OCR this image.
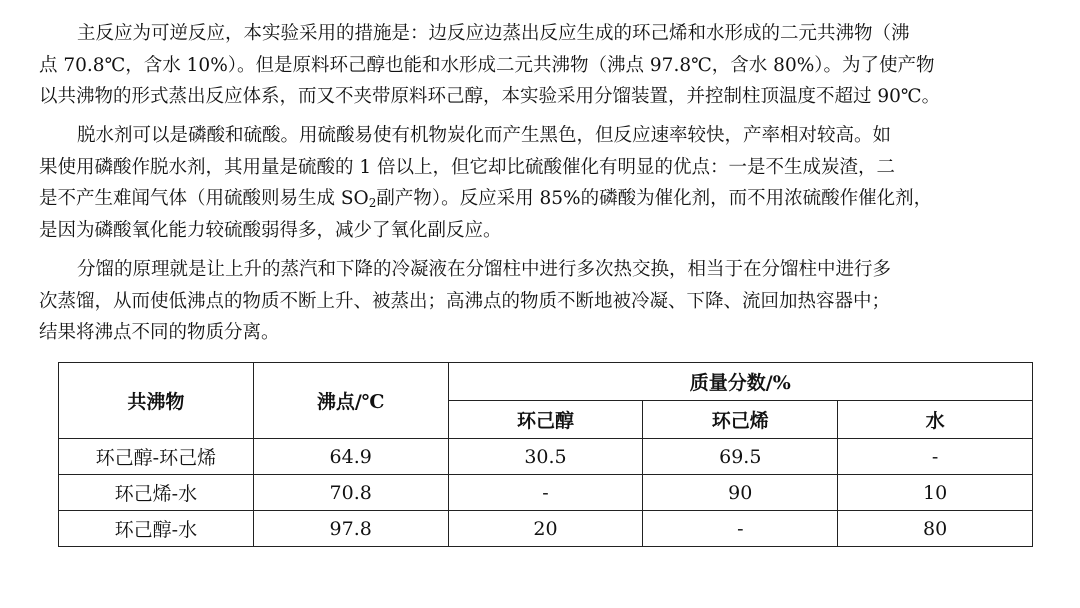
主反应为可逆反应，本实验采用的措施是：边反应边蒸出反应生成的环己烯和水形成的二元共沸物（沸
点 70.8℃，含水 10%）。但是原料环己醇也能和水形成二元共沸物（沸点 97.8℃，含水 80%）。为了使产物
以共沸物的形式蒸出反应体系，而又不夹带原料环己醇，本实验采用分馏装置，并控制柱顶温度不超过 90℃。
脱水剂可以是磷酸和硫酸。用硫酸易使有机物炭化而产生黑色，但反应速率较快，产率相对较高。如
果使用磷酸作脱水剂，其用量是硫酸的 1 倍以上，但它却比硫酸催化有明显的优点：一是不生成炭渣，二
是不产生难闻气体（用硫酸则易生成 $SO_2$副产物）。反应采用 85%的磷酸为催化剂，而不用浓硫酸作催化剂，
是因为磷酸氧化能力较硫酸弱得多，减少了氧化副反应。
分馏的原理就是让上升的蒸汽和下降的冷凝液在分馏柱中进行多次热交换，相当于在分馏柱中进行多
次蒸馏，从而使低沸点的物质不断上升、被蒸出；高沸点的物质不断地被冷凝、下降、流回加热容器中；
结果将沸点不同的物质分离。
共沸物	沸点/℃	质量分数/%		
		环己醇	环己烯	水
环己醇-环己烯	64.9	30.5	69.5	-
环己烯-水	70.8	-	90	10
环己醇-水	97.8	20	-	80
